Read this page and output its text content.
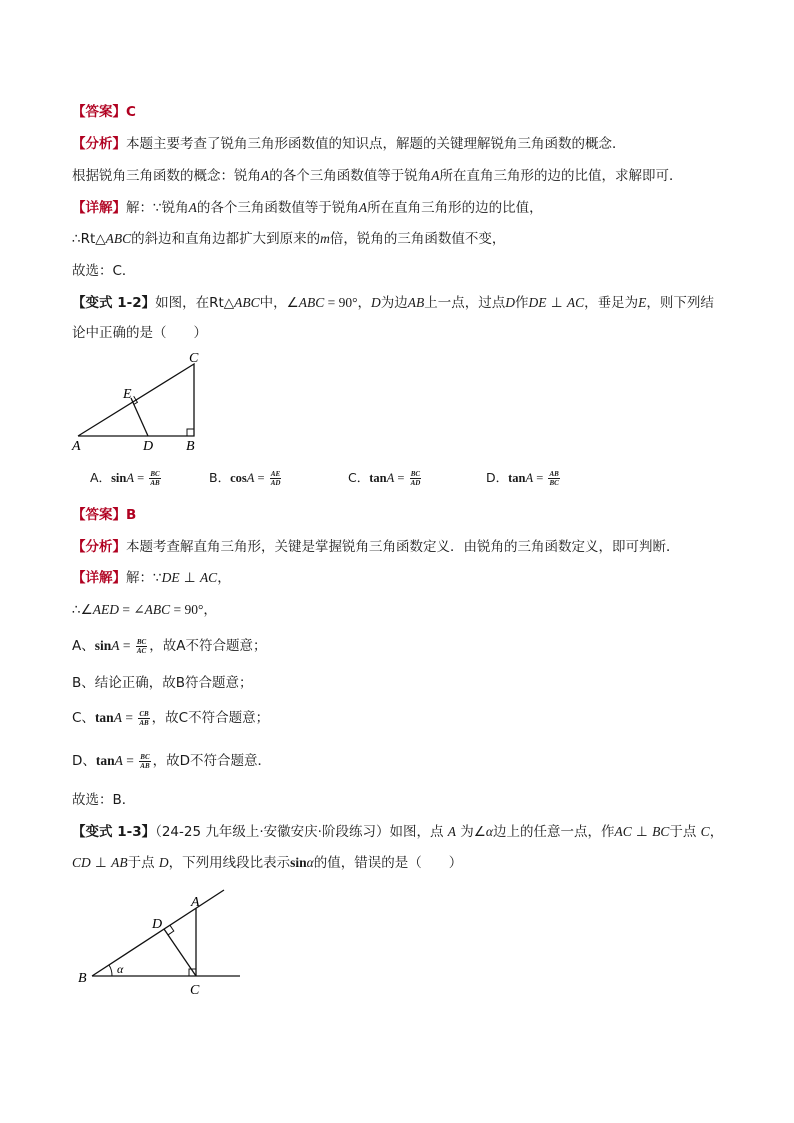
【答案】C
【分析】本题主要考查了锐角三角形函数值的知识点，解题的关键理解锐角三角函数的概念．
根据锐角三角函数的概念：锐角A的各个三角函数值等于锐角A所在直角三角形的边的比值，求解即可．
【详解】解：∵锐角A的各个三角函数值等于锐角A所在直角三角形的边的比值，
∴Rt△ABC的斜边和直角边都扩大到原来的m倍，锐角的三角函数值不变，
故选：C．
【变式 1-2】如图，在Rt△ABC中，∠ABC = 90°，D为边AB上一点，过点D作DE ⊥ AC，垂足为E，则下列结
论中正确的是（　　）
A	B
C
D
E
A．$\sin A = \frac{BC}{AB}$	B．$\cos A = \frac{AE}{AD}$	C．$\tan A = \frac{BC}{AD}$	D．$\tan A = \frac{AB}{BC}$
【答案】B
【分析】本题考查解直角三角形，关键是掌握锐角三角函数定义．由锐角的三角函数定义，即可判断．
【详解】解：∵DE ⊥ AC，
∴∠AED = ∠ABC = 90°，
A、$\sin A = \frac{BC}{AC}$ ，故A不符合题意；
B、结论正确，故B符合题意；
C、$\tan A = \frac{CB}{AB}$ ，故C不符合题意；
D、$\tan A = \frac{BC}{AB}$ ，故D不符合题意．
故选：B．
【变式 1-3】（24-25 九年级上·安徽安庆·阶段练习）如图，点 A 为∠α边上的任意一点，作AC ⊥ BC于点 C，
CD ⊥ AB于点 D，下列用线段比表示sinα的值，错误的是（　　）
A
B
C
D
α
